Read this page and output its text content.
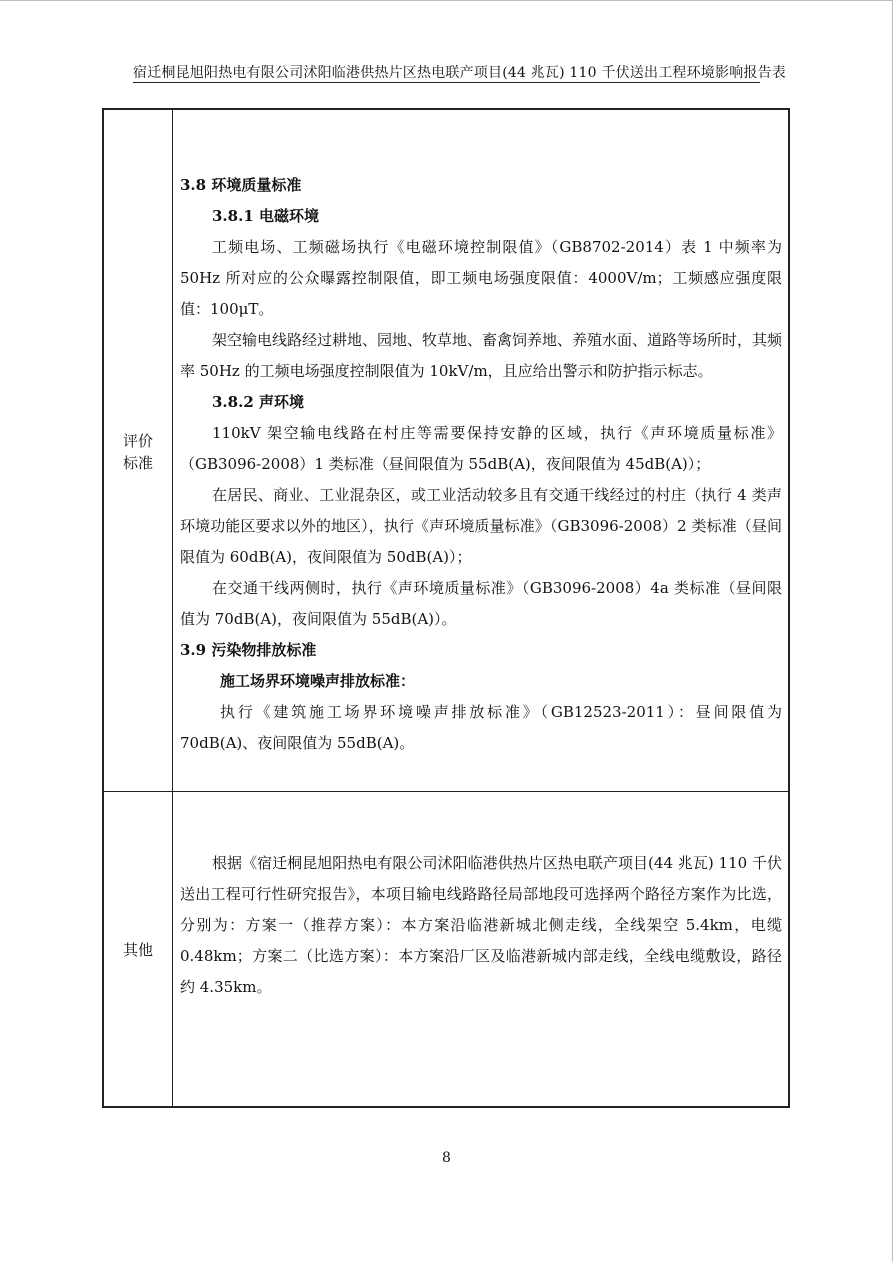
宿迁桐昆旭阳热电有限公司沭阳临港供热片区热电联产项目(44 兆瓦) 110 千伏送出工程环境影响报告表
评价
标准
其他

3.8 环境质量标准

3.8.1 电磁环境

工频电场、工频磁场执行《电磁环境控制限值》（GB8702-2014）表 1 中频率为 50Hz 所对应的公众曝露控制限值，即工频电场强度限值：4000V/m；工频感应强度限值：100μT。

架空输电线路经过耕地、园地、牧草地、畜禽饲养地、养殖水面、道路等场所时，其频率 50Hz 的工频电场强度控制限值为 10kV/m，且应给出警示和防护指示标志。

3.8.2 声环境

110kV 架空输电线路在村庄等需要保持安静的区域，执行《声环境质量标准》（GB3096-2008）1 类标准（昼间限值为 55dB(A)，夜间限值为 45dB(A)）；

在居民、商业、工业混杂区，或工业活动较多且有交通干线经过的村庄（执行 4 类声环境功能区要求以外的地区），执行《声环境质量标准》（GB3096-2008）2 类标准（昼间限值为 60dB(A)，夜间限值为 50dB(A)）；

在交通干线两侧时，执行《声环境质量标准》（GB3096-2008）4a 类标准（昼间限值为 70dB(A)，夜间限值为 55dB(A)）。

3.9 污染物排放标准

施工场界环境噪声排放标准：

执行《建筑施工场界环境噪声排放标准》（GB12523-2011）：昼间限值为 70dB(A)、夜间限值为 55dB(A)。

根据《宿迁桐昆旭阳热电有限公司沭阳临港供热片区热电联产项目(44 兆瓦) 110 千伏送出工程可行性研究报告》，本项目输电线路路径局部地段可选择两个路径方案作为比选，分别为：方案一（推荐方案）：本方案沿临港新城北侧走线，全线架空 5.4km，电缆 0.48km；方案二（比选方案）：本方案沿厂区及临港新城内部走线，全线电缆敷设，路径约 4.35km。

8
